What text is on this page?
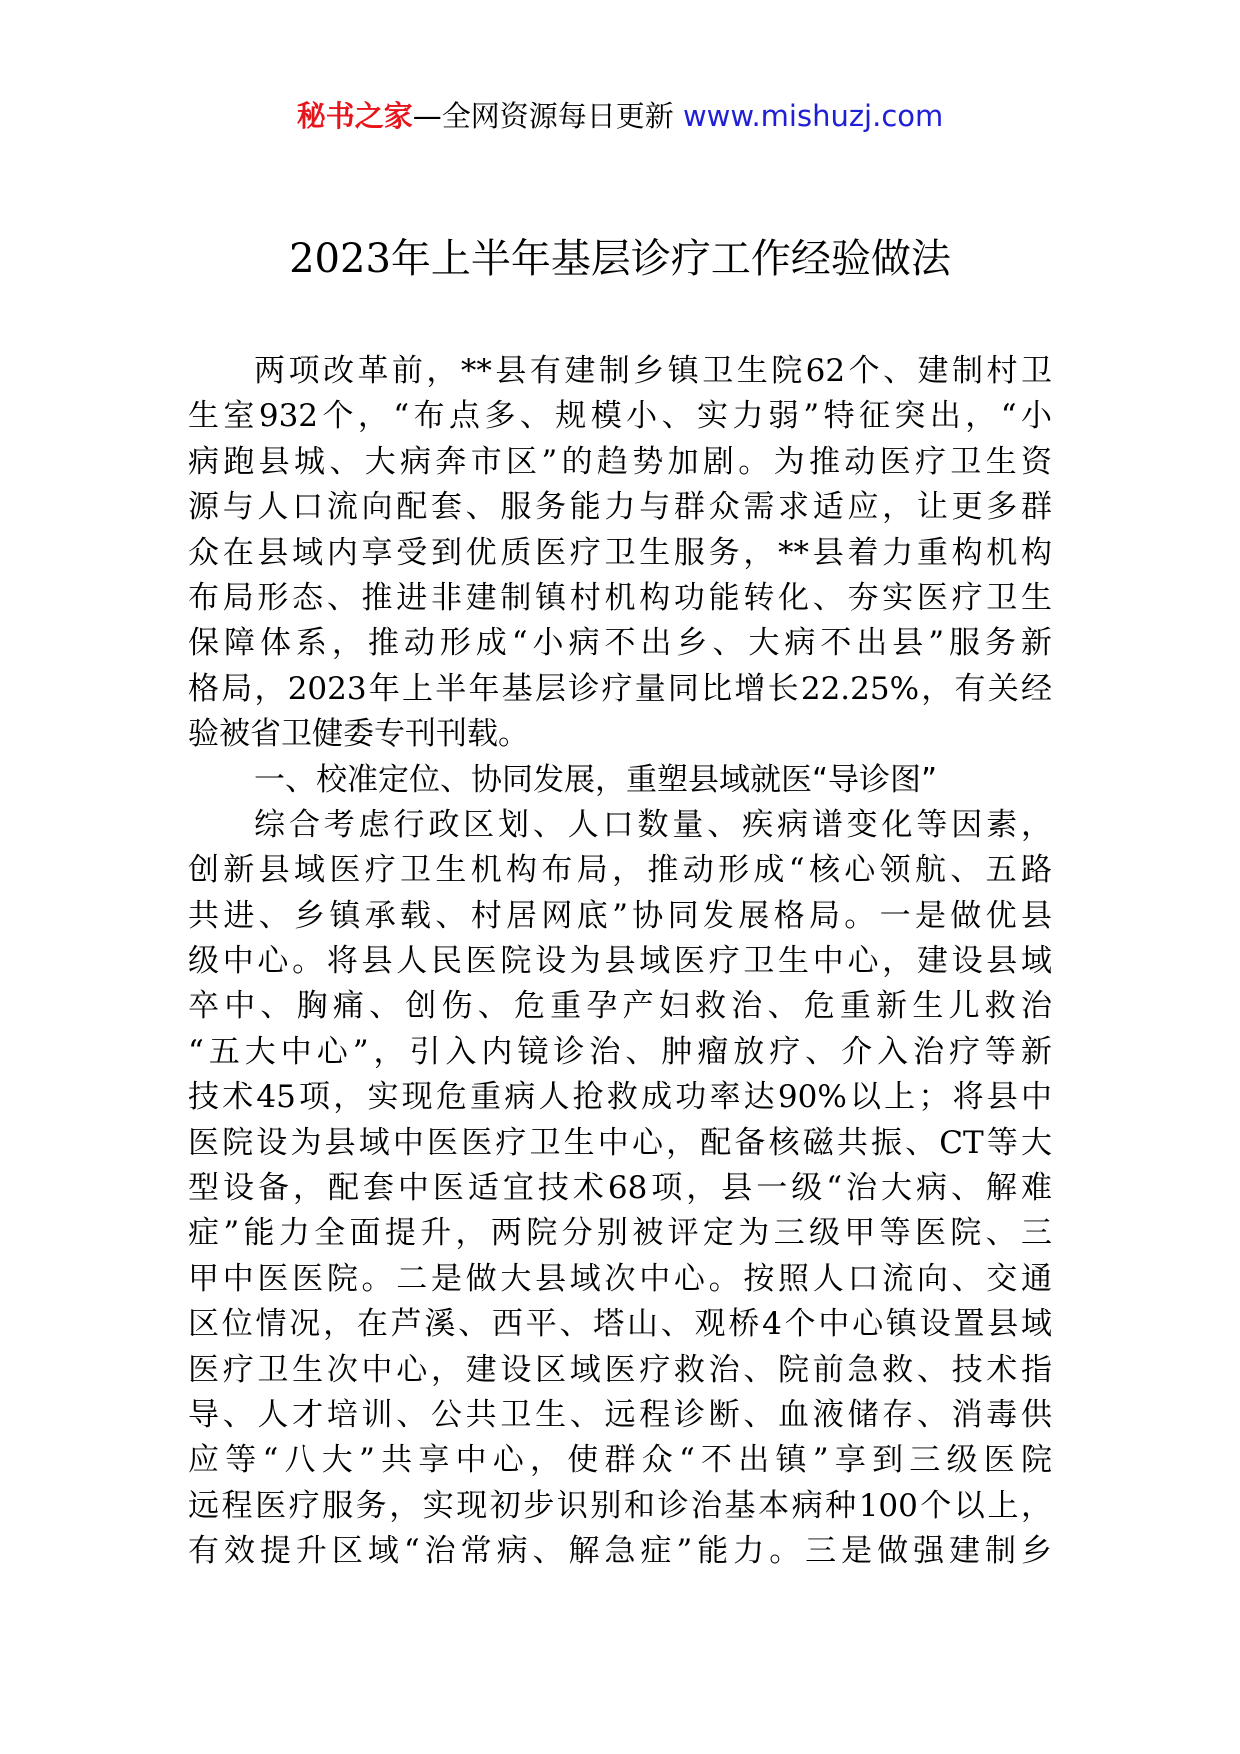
秘书之家—全网资源每日更新 www.mishuzj.com
2023年上半年基层诊疗工作经验做法
两项改革前，**县有建制乡镇卫生院62个、建制村卫
生室932个，“布点多、规模小、实力弱”特征突出，“小
病跑县城、大病奔市区”的趋势加剧。为推动医疗卫生资
源与人口流向配套、服务能力与群众需求适应，让更多群
众在县域内享受到优质医疗卫生服务，**县着力重构机构
布局形态、推进非建制镇村机构功能转化、夯实医疗卫生
保障体系，推动形成“小病不出乡、大病不出县”服务新
格局，2023年上半年基层诊疗量同比增长22.25%，有关经
验被省卫健委专刊刊载。
一、校准定位、协同发展，重塑县域就医“导诊图”
综合考虑行政区划、人口数量、疾病谱变化等因素，
创新县域医疗卫生机构布局，推动形成“核心领航、五路
共进、乡镇承载、村居网底”协同发展格局。一是做优县
级中心。将县人民医院设为县域医疗卫生中心，建设县域
卒中、胸痛、创伤、危重孕产妇救治、危重新生儿救治
“五大中心”，引入内镜诊治、肿瘤放疗、介入治疗等新
技术45项，实现危重病人抢救成功率达90%以上；将县中
医院设为县域中医医疗卫生中心，配备核磁共振、CT等大
型设备，配套中医适宜技术68项，县一级“治大病、解难
症”能力全面提升，两院分别被评定为三级甲等医院、三
甲中医医院。二是做大县域次中心。按照人口流向、交通
区位情况，在芦溪、西平、塔山、观桥4个中心镇设置县域
医疗卫生次中心，建设区域医疗救治、院前急救、技术指
导、人才培训、公共卫生、远程诊断、血液储存、消毒供
应等“八大”共享中心，使群众“不出镇”享到三级医院
远程医疗服务，实现初步识别和诊治基本病种100个以上，
有效提升区域“治常病、解急症”能力。三是做强建制乡
